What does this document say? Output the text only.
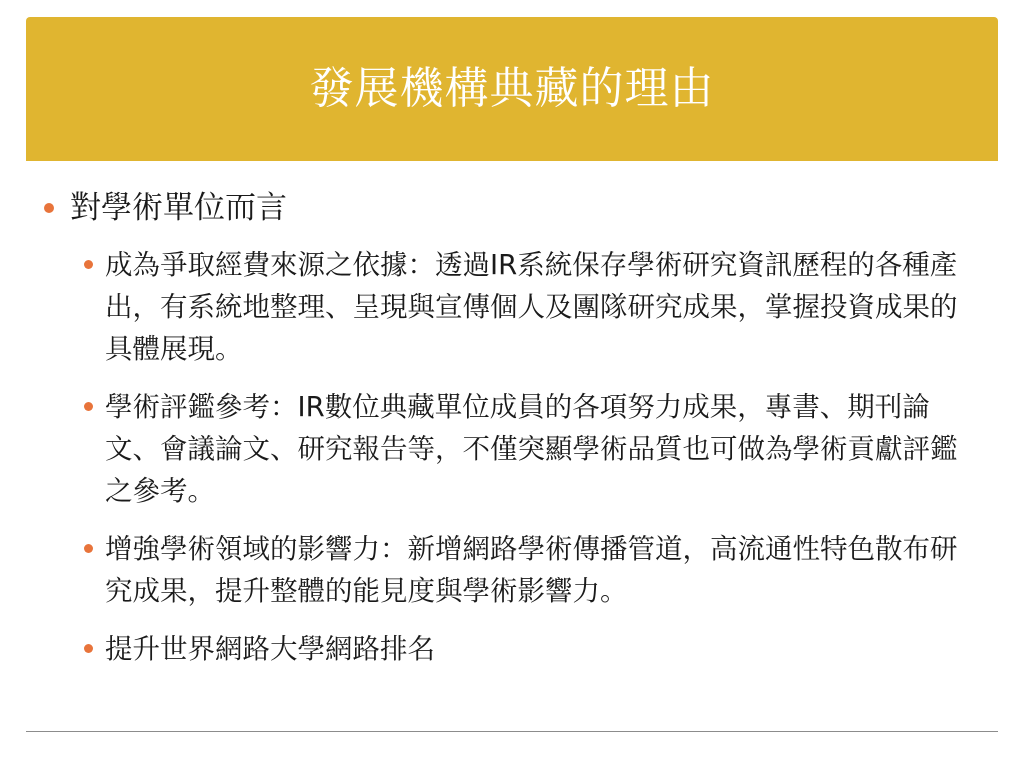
發展機構典藏的理由
對學術單位而言
成為爭取經費來源之依據：透過IR系統保存學術研究資訊歷程的各種產出，有系統地整理、呈現與宣傳個人及團隊研究成果，掌握投資成果的具體展現。
學術評鑑參考：IR數位典藏單位成員的各項努力成果，專書、期刊論文、會議論文、研究報告等，不僅突顯學術品質也可做為學術貢獻評鑑之參考。
增強學術領域的影響力：新增網路學術傳播管道，高流通性特色散布研究成果，提升整體的能見度與學術影響力。
提升世界網路大學網路排名
